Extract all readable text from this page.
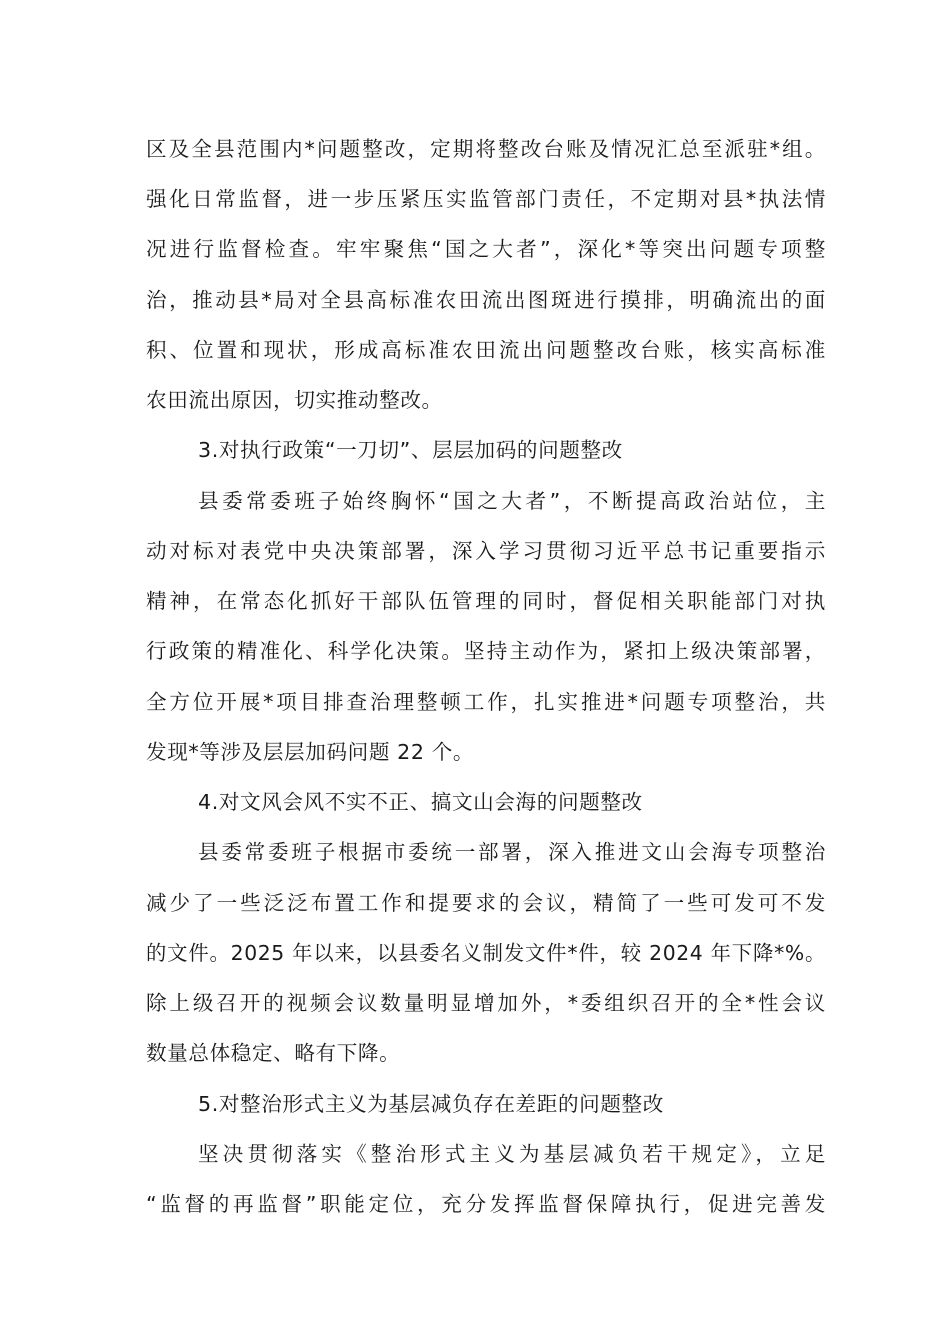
区及全县范围内*问题整改，定期将整改台账及情况汇总至派驻*组。
强化日常监督，进一步压紧压实监管部门责任，不定期对县*执法情
况进行监督检查。牢牢聚焦“国之大者”，深化*等突出问题专项整
治，推动县*局对全县高标准农田流出图斑进行摸排，明确流出的面
积、位置和现状，形成高标准农田流出问题整改台账，核实高标准
农田流出原因，切实推动整改。
3.对执行政策“一刀切”、层层加码的问题整改
县委常委班子始终胸怀“国之大者”，不断提高政治站位，主
动对标对表党中央决策部署，深入学习贯彻习近平总书记重要指示
精神，在常态化抓好干部队伍管理的同时，督促相关职能部门对执
行政策的精准化、科学化决策。坚持主动作为，紧扣上级决策部署，
全方位开展*项目排查治理整顿工作，扎实推进*问题专项整治，共
发现*等涉及层层加码问题 22 个。
4.对文风会风不实不正、搞文山会海的问题整改
县委常委班子根据市委统一部署，深入推进文山会海专项整治
减少了一些泛泛布置工作和提要求的会议，精简了一些可发可不发
的文件。2025 年以来，以县委名义制发文件*件，较 2024 年下降*%。
除上级召开的视频会议数量明显增加外，*委组织召开的全*性会议
数量总体稳定、略有下降。
5.对整治形式主义为基层减负存在差距的问题整改
坚决贯彻落实《整治形式主义为基层减负若干规定》，立足
“监督的再监督”职能定位，充分发挥监督保障执行，促进完善发
